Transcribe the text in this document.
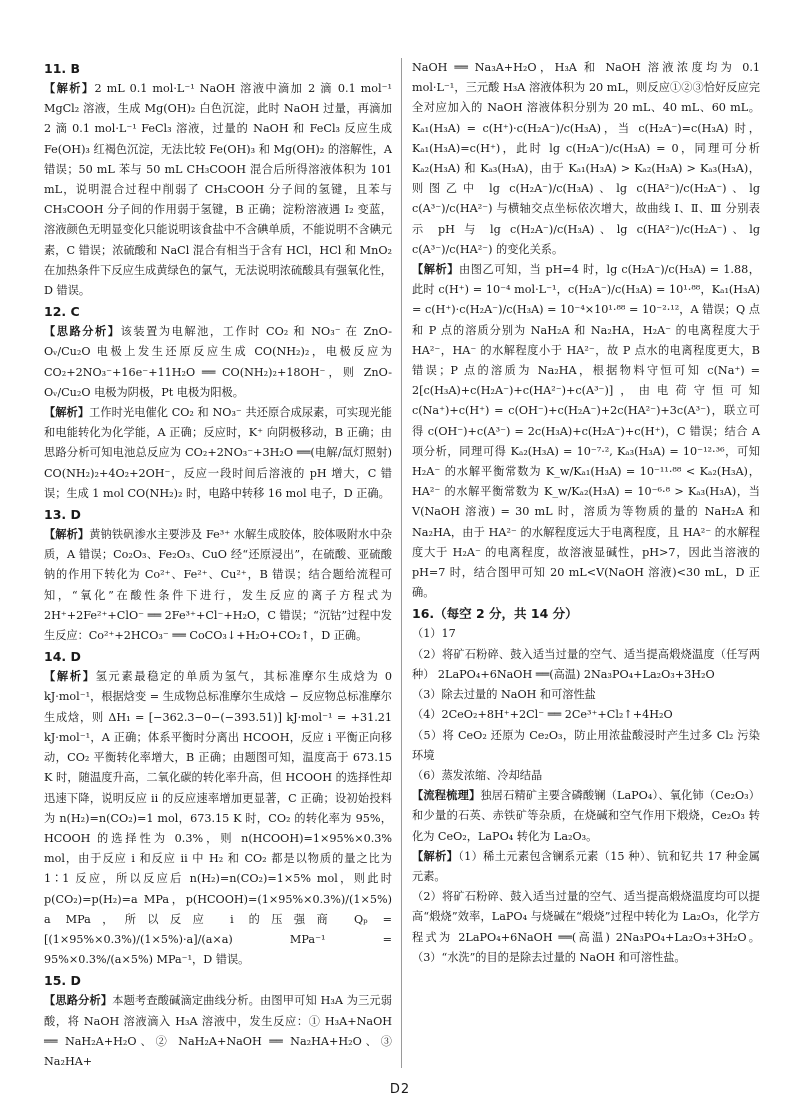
11. B

【解析】2 mL 0.1 mol·L⁻¹ NaOH 溶液中滴加 2 滴 0.1 mol⁻¹ MgCl₂ 溶液，生成 Mg(OH)₂ 白色沉淀，此时 NaOH 过量，再滴加 2 滴 0.1 mol·L⁻¹ FeCl₃ 溶液，过量的 NaOH 和 FeCl₃ 反应生成 Fe(OH)₃ 红褐色沉淀，无法比较 Fe(OH)₃ 和 Mg(OH)₂ 的溶解性，A 错误；50 mL 苯与 50 mL CH₃COOH 混合后所得溶液体积为 101 mL，说明混合过程中削弱了 CH₃COOH 分子间的氢键，且苯与 CH₃COOH 分子间的作用弱于氢键，B 正确；淀粉溶液遇 I₂ 变蓝，溶液颜色无明显变化只能说明该食盐中不含碘单质，不能说明不含碘元素，C 错误；浓硫酸和 NaCl 混合有相当于含有 HCl，HCl 和 MnO₂ 在加热条件下反应生成黄绿色的氯气，无法说明浓硫酸具有强氧化性，D 错误。

12. C

【思路分析】该装置为电解池，工作时 CO₂ 和 NO₃⁻ 在 ZnO-Oᵥ/Cu₂O 电极上发生还原反应生成 CO(NH₂)₂，电极反应为 CO₂+2NO₃⁻+16e⁻+11H₂O ══ CO(NH₂)₂+18OH⁻，则 ZnO-Oᵥ/Cu₂O 电极为阴极，Pt 电极为阳极。

【解析】工作时光电催化 CO₂ 和 NO₃⁻ 共还原合成尿素，可实现光能和电能转化为化学能，A 正确；反应时，K⁺ 向阴极移动，B 正确；由思路分析可知电池总反应为 CO₂+2NO₃⁻+3H₂O ══(电解/氙灯照射) CO(NH₂)₂+4O₂+2OH⁻，反应一段时间后溶液的 pH 增大，C 错误；生成 1 mol CO(NH₂)₂ 时，电路中转移 16 mol 电子，D 正确。

13. D

【解析】黄钠铁矾渗水主要涉及 Fe³⁺ 水解生成胶体，胶体吸附水中杂质，A 错误；Co₂O₃、Fe₂O₃、CuO 经“还原浸出”，在硫酸、亚硫酸钠的作用下转化为 Co²⁺、Fe²⁺、Cu²⁺，B 错误；结合题给流程可知，“氧化”在酸性条件下进行，发生反应的离子方程式为 2H⁺+2Fe²⁺+ClO⁻ ══ 2Fe³⁺+Cl⁻+H₂O，C 错误；“沉钴”过程中发生反应：Co²⁺+2HCO₃⁻ ══ CoCO₃↓+H₂O+CO₂↑，D 正确。

14. D

【解析】氢元素最稳定的单质为氢气，其标准摩尔生成焓为 0 kJ·mol⁻¹，根据焓变 = 生成物总标准摩尔生成焓 − 反应物总标准摩尔生成焓，则 ΔH₁ = [−362.3−0−(−393.51)] kJ·mol⁻¹ = +31.21 kJ·mol⁻¹，A 正确；体系平衡时分离出 HCOOH，反应 i 平衡正向移动，CO₂ 平衡转化率增大，B 正确；由题图可知，温度高于 673.15 K 时，随温度升高，二氧化碳的转化率升高，但 HCOOH 的选择性却迅速下降，说明反应 ii 的反应速率增加更显著，C 正确；设初始投料为 n(H₂)=n(CO₂)=1 mol，673.15 K 时，CO₂ 的转化率为 95%，HCOOH 的选择性为 0.3%，则 n(HCOOH)=1×95%×0.3% mol，由于反应 i 和反应 ii 中 H₂ 和 CO₂ 都是以物质的量之比为 1∶1 反应，所以反应后 n(H₂)=n(CO₂)=1×5% mol，则此时 p(CO₂)=p(H₂)=a MPa，p(HCOOH)=(1×95%×0.3%)/(1×5%) a MPa，所以反应 i 的压强商 Qₚ = [(1×95%×0.3%)/(1×5%)·a]/(a×a) MPa⁻¹ = 95%×0.3%/(a×5%) MPa⁻¹，D 错误。

15. D

【思路分析】本题考查酸碱滴定曲线分析。由图甲可知 H₃A 为三元弱酸，将 NaOH 溶液滴入 H₃A 溶液中，发生反应：① H₃A+NaOH ══ NaH₂A+H₂O、② NaH₂A+NaOH ══ Na₂HA+H₂O、③ Na₂HA+

NaOH ══ Na₃A+H₂O，H₃A 和 NaOH 溶液浓度均为 0.1 mol·L⁻¹，三元酸 H₃A 溶液体积为 20 mL，则反应①②③恰好反应完全对应加入的 NaOH 溶液体积分别为 20 mL、40 mL、60 mL。Kₐ₁(H₃A) = c(H⁺)·c(H₂A⁻)/c(H₃A)，当 c(H₂A⁻)=c(H₃A) 时，Kₐ₁(H₃A)=c(H⁺)，此时 lg c(H₂A⁻)/c(H₃A) = 0，同理可分析 Kₐ₂(H₃A) 和 Kₐ₃(H₃A)，由于 Kₐ₁(H₃A) > Kₐ₂(H₃A) > Kₐ₃(H₃A)，则图乙中 lg c(H₂A⁻)/c(H₃A)、lg c(HA²⁻)/c(H₂A⁻)、lg c(A³⁻)/c(HA²⁻) 与横轴交点坐标依次增大，故曲线 Ⅰ、Ⅱ、Ⅲ 分别表示 pH 与 lg c(H₂A⁻)/c(H₃A)、lg c(HA²⁻)/c(H₂A⁻)、lg c(A³⁻)/c(HA²⁻) 的变化关系。

【解析】由图乙可知，当 pH=4 时，lg c(H₂A⁻)/c(H₃A) = 1.88，此时 c(H⁺) = 10⁻⁴ mol·L⁻¹，c(H₂A⁻)/c(H₃A) = 10¹·⁸⁸，Kₐ₁(H₃A) = c(H⁺)·c(H₂A⁻)/c(H₃A) = 10⁻⁴×10¹·⁸⁸ = 10⁻²·¹²，A 错误；Q 点和 P 点的溶质分别为 NaH₂A 和 Na₂HA，H₂A⁻ 的电离程度大于 HA²⁻，HA⁻ 的水解程度小于 HA²⁻，故 P 点水的电离程度更大，B 错误；P 点的溶质为 Na₂HA，根据物料守恒可知 c(Na⁺) = 2[c(H₃A)+c(H₂A⁻)+c(HA²⁻)+c(A³⁻)]，由电荷守恒可知 c(Na⁺)+c(H⁺) = c(OH⁻)+c(H₂A⁻)+2c(HA²⁻)+3c(A³⁻)，联立可得 c(OH⁻)+c(A³⁻) = 2c(H₃A)+c(H₂A⁻)+c(H⁺)，C 错误；结合 A 项分析，同理可得 Kₐ₂(H₃A) = 10⁻⁷·², Kₐ₃(H₃A) = 10⁻¹²·³⁶，可知 H₂A⁻ 的水解平衡常数为 K_w/Kₐ₁(H₃A) = 10⁻¹¹·⁸⁸ < Kₐ₂(H₃A)，HA²⁻ 的水解平衡常数为 K_w/Kₐ₂(H₃A) = 10⁻⁶·⁸ > Kₐ₃(H₃A)，当 V(NaOH 溶液) = 30 mL 时，溶质为等物质的量的 NaH₂A 和 Na₂HA，由于 HA²⁻ 的水解程度远大于电离程度，且 HA²⁻ 的水解程度大于 H₂A⁻ 的电离程度，故溶液显碱性，pH>7，因此当溶液的 pH=7 时，结合图甲可知 20 mL<V(NaOH 溶液)<30 mL，D 正确。

16.（每空 2 分，共 14 分）

（1）17

（2）将矿石粉碎、鼓入适当过量的空气、适当提高煅烧温度（任写两种） 2LaPO₄+6NaOH ══(高温) 2Na₃PO₄+La₂O₃+3H₂O

（3）除去过量的 NaOH 和可溶性盐

（4）2CeO₂+8H⁺+2Cl⁻ ══ 2Ce³⁺+Cl₂↑+4H₂O

（5）将 CeO₂ 还原为 Ce₂O₃，防止用浓盐酸浸时产生过多 Cl₂ 污染环境

（6）蒸发浓缩、冷却结晶

【流程梳理】独居石精矿主要含磷酸镧（LaPO₄）、氧化铈（Ce₂O₃）和少量的石英、赤铁矿等杂质，在烧碱和空气作用下煅烧，Ce₂O₃ 转化为 CeO₂，LaPO₄ 转化为 La₂O₃。

【解析】（1）稀土元素包含镧系元素（15 种）、钪和钇共 17 种金属元素。

（2）将矿石粉碎、鼓入适当过量的空气、适当提高煅烧温度均可以提高“煅烧”效率，LaPO₄ 与烧碱在“煅烧”过程中转化为 La₂O₃，化学方程式为 2LaPO₄+6NaOH ══(高温) 2Na₃PO₄+La₂O₃+3H₂O。（3）“水洗”的目的是除去过量的 NaOH 和可溶性盐。

D2
